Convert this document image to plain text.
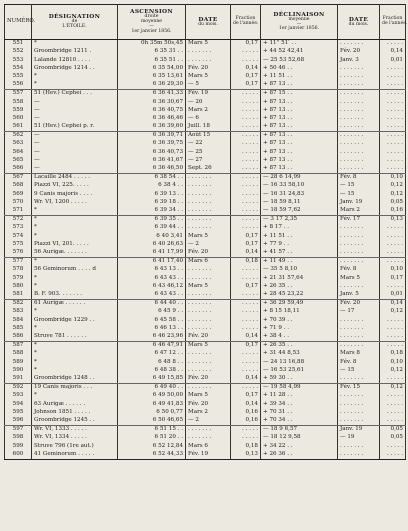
NUMÉRO.	DÉSIGNATION
de
L'ÉTOILE.	ASCENSION
droite
moyenne
—
1er janvier 1856.	DATE
du mois.	Fraction
de l'année.	DÉCLINAISON
moyenne
—
1er janvier 1856.	DATE
du mois.	Fraction
de l'année.

551	*	0h 35m 50s,45	Mars 5	0,17	+ 11° 51′ . .	. . . . . . .	. . . . .
552	Groombridge 1211 .	6 35 31 . .	. . . . . . .	. . . . .	+ 44 52 42,41	Fév. 20	0,14
553	Lalande 12810 . . . .	6 35 51 . .	. . . . . . .	. . . . .	— 25 53 52,68	Janv. 3	0,01
554	Groombridge 1214 . .	6 35 54,00	Fév. 20	0,14	+ 50 46 . .	. . . . . . .	. . . . .
555	*	6 35 13,61	Mars 5	0,17	+ 11 51 . .	. . . . . . .	. . . . .
556	*	6 36 29,30	— 5	0,17	+ 87 13 . .	. . . . . . .	. . . . .
557	51 (Hev.) Cephei . . .	6 36 41,33	Fév. 19	. . . . .	+ 87 15 . .	. . . . . . .	. . . . .
558	—	6 36 30,67	— 20	. . . . .	+ 87 13 . .	. . . . . . .	. . . . .
559	—	6 36 40,75	Mars 2	. . . . .	+ 87 13 . .	. . . . . . .	. . . . .
560	—	6 36 46,46	— 6	. . . . .	+ 87 13 . .	. . . . . . .	. . . . .
561	51 (Hev.) Cephei p. r.	6 36 39,60	Juill. 18	. . . . .	+ 87 13 . .	. . . . . . .	. . . . .
562	—	6 36 39,71	Août 15	. . . . .	+ 87 13 . .	. . . . . . .	. . . . .
563	—	6 36 39,75	— 22	. . . . .	+ 87 13 . .	. . . . . . .	. . . . .
564	—	6 36 40,73	— 25	. . . . .	+ 87 13 . .	. . . . . . .	. . . . .
565	—	6 36 41,67	— 27	. . . . .	+ 87 13 . .	. . . . . . .	. . . . .
566	—	6 36 46,50	Sept. 26	. . . . .	+ 87 13 . .	. . . . . . .	. . . . .
567	Lacaille 2484 . . . . .	6 38 54 . .	. . . . . . .	. . . . .	— 28 6 14,99	Fév. 8	0,10
568	Piazzi VI, 225. . . . .	6 38 4 . .	. . . . . . .	. . . . .	— 16 33 58,10	— 15	0,12
569	9 Canis majoris . . . .	6 39 13 . .	. . . . . . .	. . . . .	— 16 31 24,83	— 15	0,12
570	Wr. VI, 1200 . . . . .	6 39 18 . .	. . . . . . .	. . . . .	— 18 59 8,11	Janv. 19	0,05
571	*	6 39 34 . .	. . . . . . .	. . . . .	— 18 59 7,62	Mars 2	0,16
572	*	6 39 35 . .	. . . . . . .	. . . . .	— 3 17 2,35	Fév. 17	0,13
573	*	6 39 44 . .	. . . . . . .	. . . . .	+ 8 17 . .	. . . . . . .	. . . . .
574	*	6 40 3,41	Mars 5	0,17	+ 11 51 . .	. . . . . . .	. . . . .
575	Piazzi VI, 201. . . . .	6 40 26,63	— 2	0,17	+ 77 9 . .	. . . . . . .	. . . . .
576	56 Aurigæ. . . . . . .	6 41 17,99	Fév. 20	0,14	+ 41 57 . .	. . . . . . .	. . . . .
577	*	6 41 17,40	Mars 6	0,18	+ 11 49 . .	. . . . . . .	. . . . .
578	56 Geminorum . . . . d	6 43 13 . .	. . . . . . .	. . . . .	— 35 5 8,10	Fév. 8	0,10
579	*	6 43 43 . .	. . . . . . .	. . . . .	+ 21 31 57,64	Mars 5	0,17
580	*	6 43 46,12	Mars 5	0,17	+ 26 35 . .	. . . . . . .	. . . . .
581	B. F. 903. . . . . . .	6 43 43 . .	. . . . . . .	. . . . .	+ 28 45 23,22	Janv. 5	0,01
582	61 Aurigæ . . . . . .	6 44 40 . .	. . . . . . .	. . . . .	+ 36 29 59,49	Fév. 20	0,14
583	*	6 45 9 . .	. . . . . . .	. . . . .	+ 8 15 18,11	— 17	0,12
584	Groombridge 1229 . .	6 45 58 . .	. . . . . . .	. . . . .	+ 70 39 . .	. . . . . . .	. . . . .
585	*	6 46 13 . .	. . . . . . .	. . . . .	+ 71 9 . .	. . . . . . .	. . . . .
586	Struve 781 . . . . . .	6 46 23,96	Fév. 20	0,14	+ 38 4 . .	. . . . . . .	. . . . .
587	*	6 46 47,91	Mars 5	0,17	+ 26 35 . .	. . . . . . .	. . . . .
588	*	6 47 12 . .	. . . . . . .	. . . . .	+ 31 44 8,53	Mars 8	0,18
589	*	6 48 8 . .	. . . . . . .	. . . . .	— 24 13 16,88	Fév. 8	0,10
590	*	6 48 38 . .	. . . . . . .	. . . . .	— 16 53 25,61	— 15	0,12
591	Groombridge 1248 . .	6 49 15,85	Fév. 20	0,14	+ 59 30 . .	. . . . . . .	. . . . .
592	19 Canis majoris . . .	6 49 40 . .	. . . . . . .	. . . . .	— 19 58 4,99	Fév. 15	0,12
593	*	6 49 50,00	Mars 5	0,17	+ 11 28 . .	. . . . . . .	. . . . .
594	63 Aurigæ . . . . . .	6 49 41,83	Fév. 20	0,14	+ 39 34 . .	. . . . . . .	. . . . .
595	Johnson 1851 . . . . .	6 50 0,77	Mars 2	0,16	+ 70 31 . .	. . . . . . .	. . . . .
596	Groombridge 1245 . .	6 50 46,65	— 2	0,16	+ 70 34 . .	. . . . . . .	. . . . .
597	Wr. VI, 1333 . . . . .	6 51 15 . .	. . . . . . .	. . . . .	— 18 9 6,57	Janv. 19	0,05
598	Wr. VI, 1334 . . . . .	6 51 20 . .	. . . . . . .	. . . . .	— 18 12 9,58	— 19	0,05
599	Struve 796 (1re aut.)	6 52 12,84	Mars 6	0,18	+ 34 22 . .	. . . . . . .	. . . . .
600	41 Geminorum . . . . .	6 52 44,33	Fév. 19	0,13	+ 26 36 . .	. . . . . . .	. . . . .
